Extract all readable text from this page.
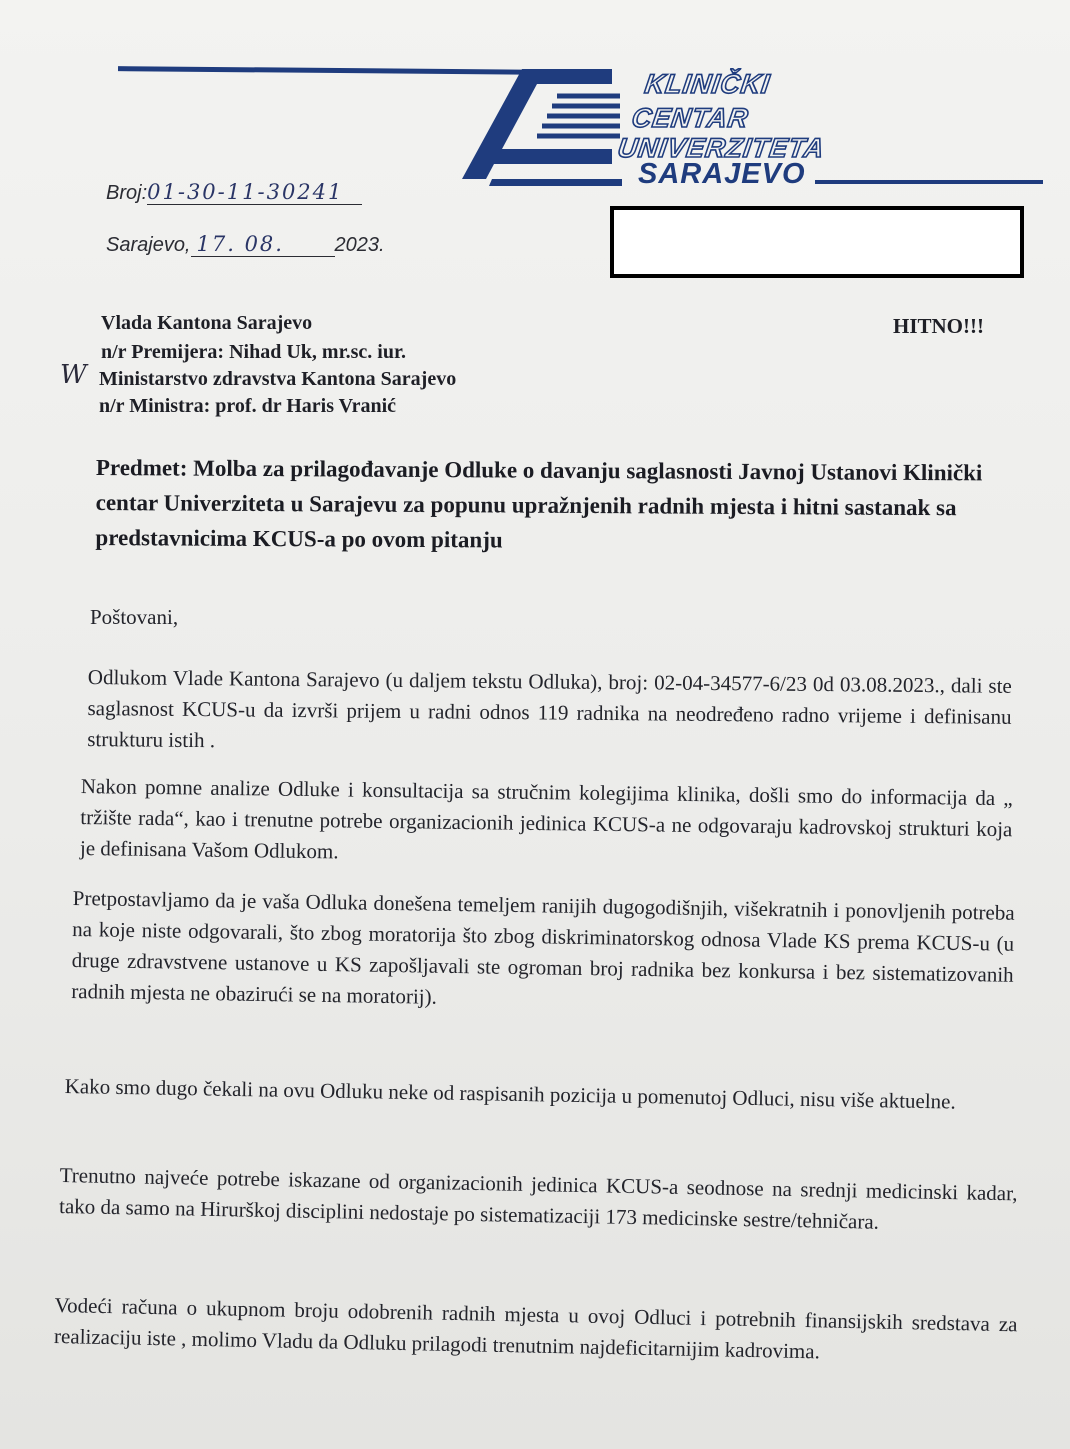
KLINIČKI
CENTAR
UNIVERZITETA
SARAJEVO
Broj:01-30-11-30241
Sarajevo, 17. 08.	2023.
Vlada Kantona Sarajevo
n/r Premijera: Nihad Uk, mr.sc. iur.
Ministarstvo zdravstva Kantona Sarajevo
n/r Ministra: prof. dr Haris Vranić
W
HITNO!!!
Predmet: Molba za prilagođavanje Odluke o davanju saglasnosti Javnoj Ustanovi Klinički centar Univerziteta u Sarajevu za popunu upražnjenih radnih mjesta i hitni sastanak sa predstavnicima KCUS-a po ovom pitanju
Poštovani,
Odlukom Vlade Kantona Sarajevo (u daljem tekstu Odluka), broj: 02-04-34577-6/23 0d 03.08.2023., dali ste saglasnost KCUS-u da izvrši prijem u radni odnos 119 radnika na neodređeno radno vrijeme i definisanu strukturu istih .
Nakon pomne analize Odluke i konsultacija sa stručnim kolegijima klinika, došli smo do informacija da „ tržište rada“, kao i trenutne potrebe organizacionih jedinica KCUS-a ne odgovaraju kadrovskoj strukturi koja je definisana Vašom Odlukom.
Pretpostavljamo da je vaša Odluka donešena temeljem ranijih dugogodišnjih, višekratnih i ponovljenih potreba na koje niste odgovarali, što zbog moratorija što zbog diskriminatorskog odnosa Vlade KS prema KCUS-u (u druge zdravstvene ustanove u KS zapošljavali ste ogroman broj radnika bez konkursa i bez sistematizovanih radnih mjesta ne obazirući se na moratorij).
Kako smo dugo čekali na ovu Odluku neke od raspisanih pozicija u pomenutoj Odluci, nisu više aktuelne.
Trenutno najveće potrebe iskazane od organizacionih jedinica KCUS-a seodnose na srednji medicinski kadar, tako da samo na Hirurškoj disciplini nedostaje po sistematizaciji 173 medicinske sestre/tehničara.
Vodeći računa o ukupnom broju odobrenih radnih mjesta u ovoj Odluci i potrebnih finansijskih sredstava za realizaciju iste , molimo Vladu da Odluku prilagodi trenutnim najdeficitarnijim kadrovima.
